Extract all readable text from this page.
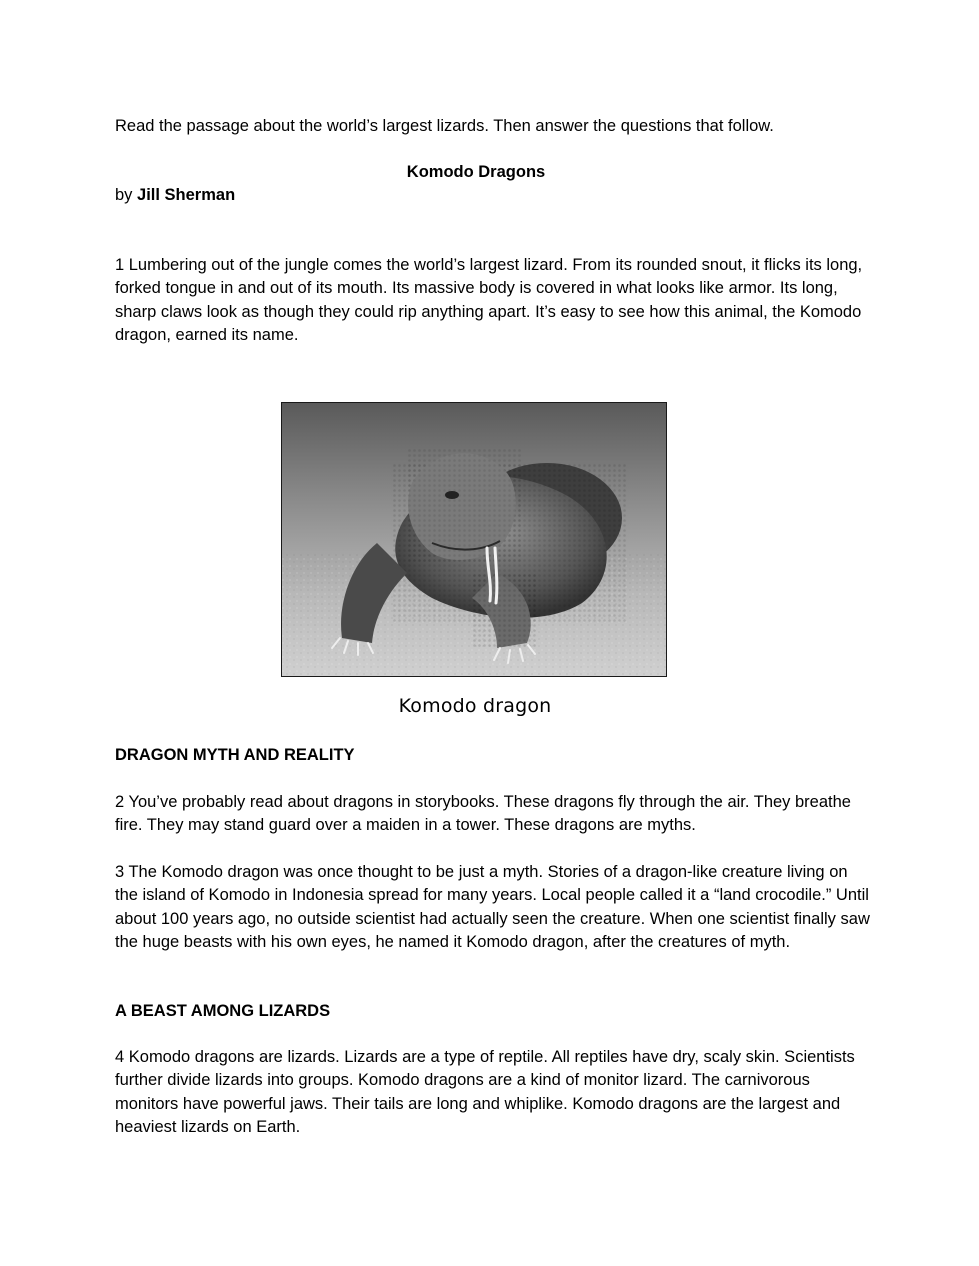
Read the passage about the world’s largest lizards. Then answer the questions that follow.

Komodo Dragons
by Jill Sherman

1 Lumbering out of the jungle comes the world’s largest lizard. From its rounded snout, it flicks its long, forked tongue in and out of its mouth. Its massive body is covered in what looks like armor. Its long, sharp claws look as though they could rip anything apart. It’s easy to see how this animal, the Komodo dragon, earned its name.

Komodo dragon
DRAGON MYTH AND REALITY

2 You’ve probably read about dragons in storybooks. These dragons fly through the air. They breathe fire. They may stand guard over a maiden in a tower. These dragons are myths.

3 The Komodo dragon was once thought to be just a myth. Stories of a dragon-like creature living on the island of Komodo in Indonesia spread for many years. Local people called it a “land crocodile.” Until about 100 years ago, no outside scientist had actually seen the creature. When one scientist finally saw the huge beasts with his own eyes, he named it Komodo dragon, after the creatures of myth.

A BEAST AMONG LIZARDS

4 Komodo dragons are lizards. Lizards are a type of reptile. All reptiles have dry, scaly skin. Scientists further divide lizards into groups. Komodo dragons are a kind of monitor lizard. The carnivorous monitors have powerful jaws. Their tails are long and whiplike. Komodo dragons are the largest and heaviest lizards on Earth.
